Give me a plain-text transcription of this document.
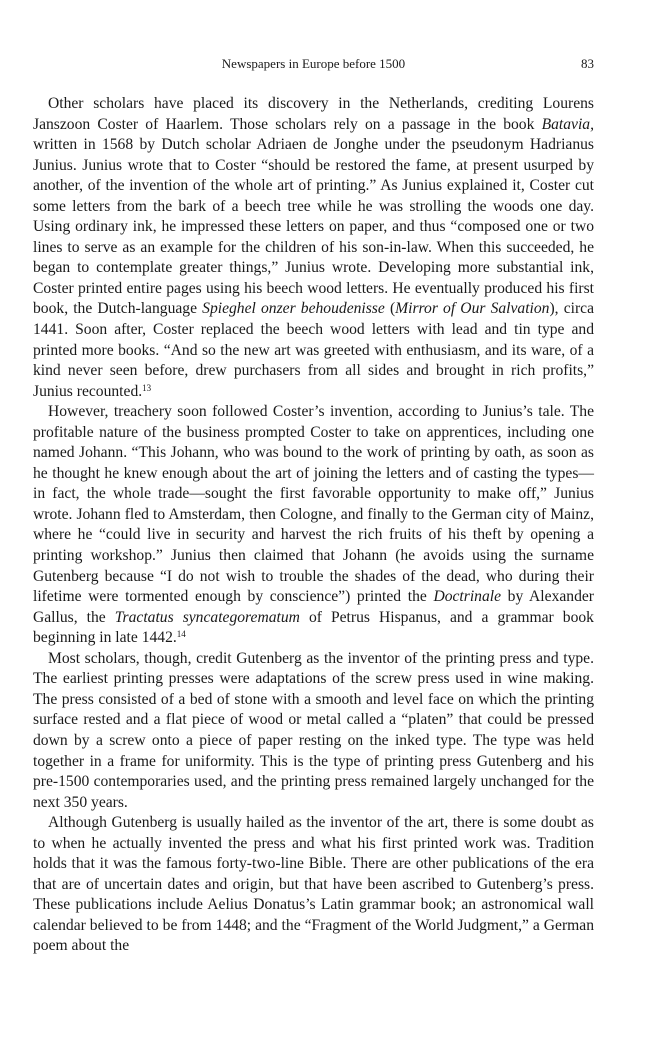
Newspapers in Europe before 1500	83

Other scholars have placed its discovery in the Netherlands, crediting Lourens Janszoon Coster of Haarlem. Those scholars rely on a passage in the book Batavia, written in 1568 by Dutch scholar Adriaen de Jonghe under the pseudonym Hadrianus Junius. Junius wrote that to Coster “should be restored the fame, at present usurped by another, of the invention of the whole art of printing.” As Junius explained it, Coster cut some letters from the bark of a beech tree while he was strolling the woods one day. Using ordinary ink, he impressed these letters on paper, and thus “composed one or two lines to serve as an example for the children of his son-in-law. When this succeeded, he began to contemplate greater things,” Junius wrote. Developing more substantial ink, Coster printed entire pages using his beech wood letters. He eventually produced his first book, the Dutch-language Spieghel onzer behoudenisse (Mirror of Our Salvation), circa 1441. Soon after, Coster replaced the beech wood letters with lead and tin type and printed more books. “And so the new art was greeted with enthusiasm, and its ware, of a kind never seen before, drew purchasers from all sides and brought in rich profits,” Junius recounted.$^{13}$

However, treachery soon followed Coster’s invention, according to Junius’s tale. The profitable nature of the business prompted Coster to take on apprentices, including one named Johann. “This Johann, who was bound to the work of printing by oath, as soon as he thought he knew enough about the art of joining the letters and of casting the types—in fact, the whole trade—sought the first favorable opportunity to make off,” Junius wrote. Johann fled to Amsterdam, then Cologne, and finally to the German city of Mainz, where he “could live in security and harvest the rich fruits of his theft by opening a printing workshop.” Junius then claimed that Johann (he avoids using the surname Gutenberg because “I do not wish to trouble the shades of the dead, who during their lifetime were tormented enough by conscience”) printed the Doctrinale by Alexander Gallus, the Tractatus syncategorematum of Petrus Hispanus, and a grammar book beginning in late 1442.14

Most scholars, though, credit Gutenberg as the inventor of the printing press and type. The earliest printing presses were adaptations of the screw press used in wine making. The press consisted of a bed of stone with a smooth and level face on which the printing surface rested and a flat piece of wood or metal called a “platen” that could be pressed down by a screw onto a piece of paper resting on the inked type. The type was held together in a frame for uniformity. This is the type of printing press Gutenberg and his pre-1500 contemporaries used, and the printing press remained largely unchanged for the next 350 years.

Although Gutenberg is usually hailed as the inventor of the art, there is some doubt as to when he actually invented the press and what his first printed work was. Tradition holds that it was the famous forty-two-line Bible. There are other publications of the era that are of uncertain dates and origin, but that have been ascribed to Gutenberg’s press. These publications include Aelius Donatus’s Latin grammar book; an astronomical wall calendar believed to be from 1448; and the “Fragment of the World Judgment,” a German poem about the
